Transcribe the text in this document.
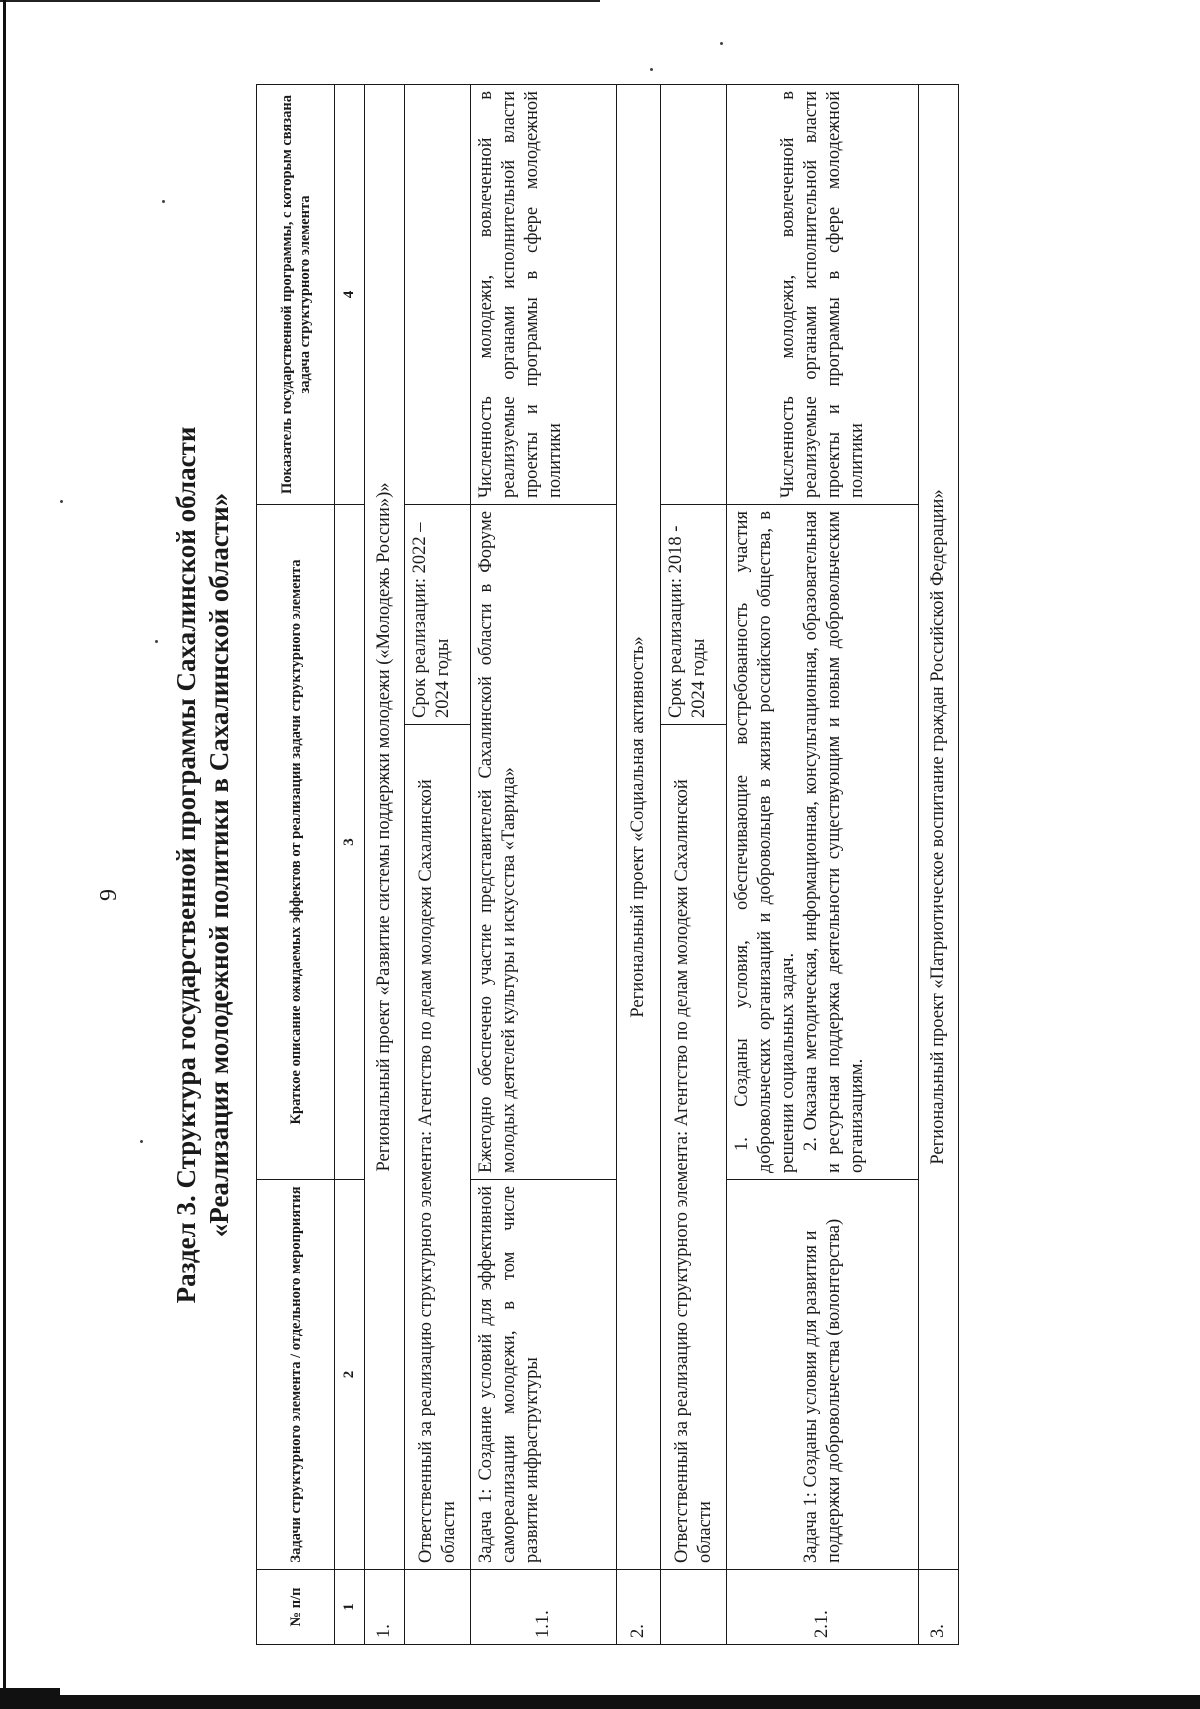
9 Раздел 3. Структура государственной программы Сахалинской области «Реализация молодежной политики в Сахалинской области»
№ п/п	Задачи структурного элемента / отдельного мероприятия	Краткое описание ожидаемых эффектов от реализации задачи структурного элемента		Показатель государственной программы, с которым связана задача структурного элемента
1	2	3		4
1.	Региональный проект «Развитие системы поддержки молодежи («Молодежь России»)»			
	Ответственный за реализацию структурного элемента: Агентство по делам молодежи Сахалинской области		Срок реализации: 2022 – 2024 годы	
1.1.	Задача 1: Создание условий для эффективной самореализации молодежи, в том числе развитие инфраструктуры	Ежегодно обеспечено участие представителей Сахалинской области в Форуме молодых деятелей культуры и искусства «Таврида»		Численность молодежи, вовлеченной в реализуемые органами исполнительной власти проекты и программы в сфере молодежной политики
2.	Региональный проект «Социальная активность»			
	Ответственный за реализацию структурного элемента: Агентство по делам молодежи Сахалинской области		Срок реализации: 2018 - 2024 годы	
2.1.	Задача 1: Созданы условия для развития и поддержки добровольчества (волонтерства)	1. Созданы условия, обеспечивающие востребованность участия добровольческих организаций и добровольцев в жизни российского общества, в решении социальных задач. 2. Оказана методическая, информационная, консультационная, образовательная и ресурсная поддержка деятельности существующим и новым добровольческим организациям.		Численность молодежи, вовлеченной в реализуемые органами исполнительной власти проекты и программы в сфере молодежной политики
3.	Региональный проект «Патриотическое воспитание граждан Российской Федерации»			
